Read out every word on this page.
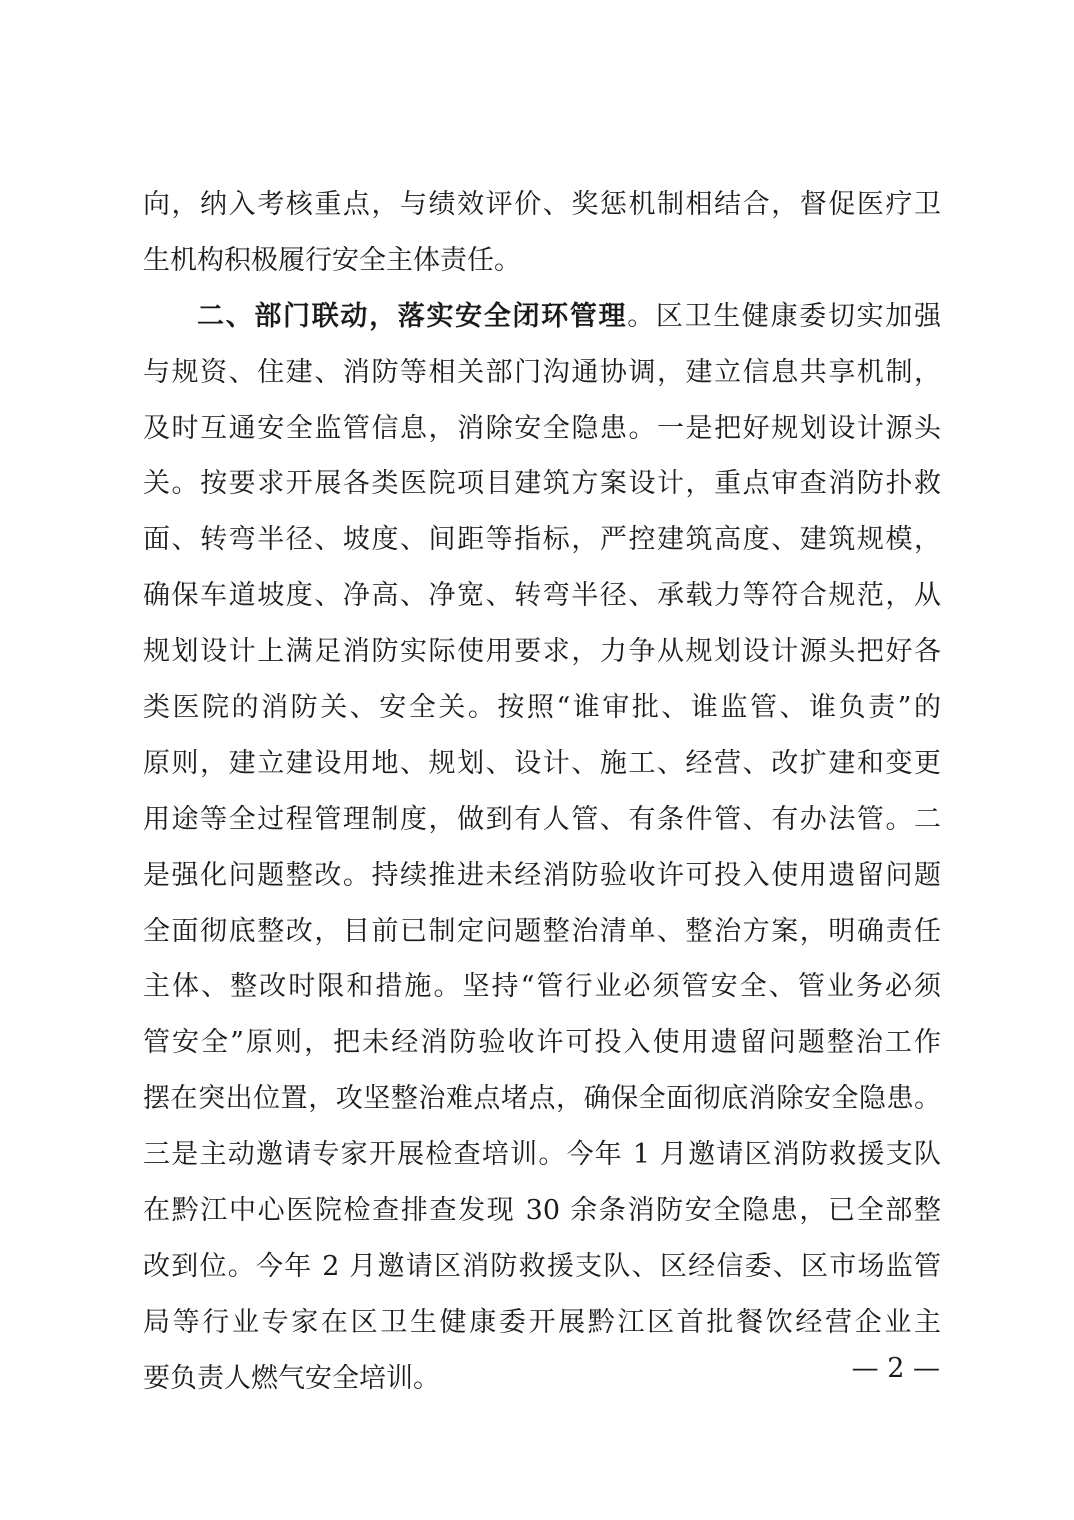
向，纳入考核重点，与绩效评价、奖惩机制相结合，督促医疗卫
生机构积极履行安全主体责任。
二、部门联动，落实安全闭环管理。区卫生健康委切实加强
与规资、住建、消防等相关部门沟通协调，建立信息共享机制，
及时互通安全监管信息，消除安全隐患。一是把好规划设计源头
关。按要求开展各类医院项目建筑方案设计，重点审查消防扑救
面、转弯半径、坡度、间距等指标，严控建筑高度、建筑规模，
确保车道坡度、净高、净宽、转弯半径、承载力等符合规范，从
规划设计上满足消防实际使用要求，力争从规划设计源头把好各
类医院的消防关、安全关。按照“谁审批、谁监管、谁负责”的
原则，建立建设用地、规划、设计、施工、经营、改扩建和变更
用途等全过程管理制度，做到有人管、有条件管、有办法管。二
是强化问题整改。持续推进未经消防验收许可投入使用遗留问题
全面彻底整改，目前已制定问题整治清单、整治方案，明确责任
主体、整改时限和措施。坚持“管行业必须管安全、管业务必须
管安全”原则，把未经消防验收许可投入使用遗留问题整治工作
摆在突出位置，攻坚整治难点堵点，确保全面彻底消除安全隐患。
三是主动邀请专家开展检查培训。今年 1 月邀请区消防救援支队
在黔江中心医院检查排查发现 30 余条消防安全隐患，已全部整
改到位。今年 2 月邀请区消防救援支队、区经信委、区市场监管
局等行业专家在区卫生健康委开展黔江区首批餐饮经营企业主
要负责人燃气安全培训。	— 2 —
